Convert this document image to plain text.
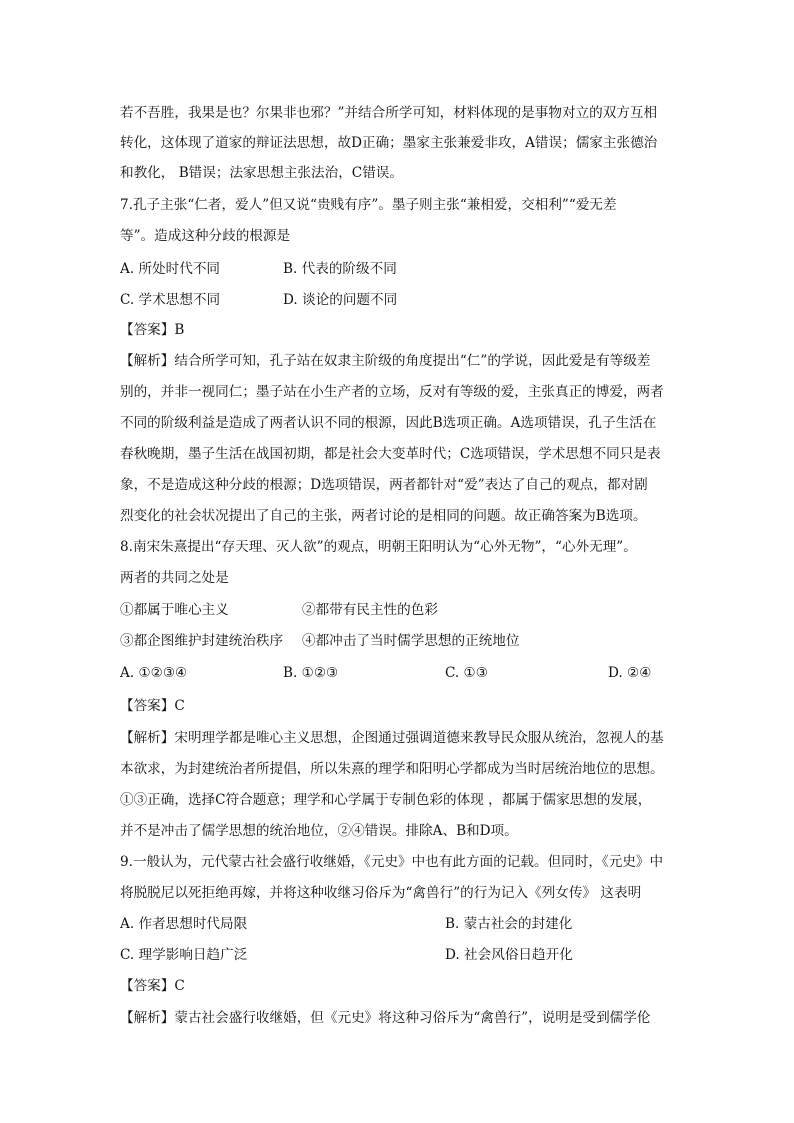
若不吾胜，我果是也？尔果非也邪？”并结合所学可知，材料体现的是事物对立的双方互相
转化，这体现了道家的辩证法思想，故D正确；墨家主张兼爱非攻，A错误；儒家主张德治
和教化， B错误；法家思想主张法治，C错误。
7.孔子主张“仁者，爱人”但又说“贵贱有序”。墨子则主张“兼相爱，交相利”“爱无差
等”。造成这种分歧的根源是
A. 所处时代不同	B. 代表的阶级不同
C. 学术思想不同	D. 谈论的问题不同
【答案】B
【解析】结合所学可知，孔子站在奴隶主阶级的角度提出“仁”的学说，因此爱是有等级差
别的，并非一视同仁；墨子站在小生产者的立场，反对有等级的爱，主张真正的博爱，两者
不同的阶级利益是造成了两者认识不同的根源，因此B选项正确。A选项错误，孔子生活在
春秋晚期，墨子生活在战国初期，都是社会大变革时代；C选项错误，学术思想不同只是表
象，不是造成这种分歧的根源；D选项错误，两者都针对“爱”表达了自己的观点，都对剧
烈变化的社会状况提出了自己的主张，两者讨论的是相同的问题。故正确答案为B选项。
8.南宋朱熹提出“存天理、灭人欲”的观点，明朝王阳明认为“心外无物”，“心外无理”。
两者的共同之处是
①都属于唯心主义	②都带有民主性的色彩
③都企图维护封建统治秩序 ④都冲击了当时儒学思想的正统地位
A. ①②③④	B. ①②③	C. ①③	D. ②④
【答案】C
【解析】宋明理学都是唯心主义思想，企图通过强调道德来教导民众服从统治，忽视人的基
本欲求，为封建统治者所提倡，所以朱熹的理学和阳明心学都成为当时居统治地位的思想。
①③正确，选择C符合题意；理学和心学属于专制色彩的体现 ，都属于儒家思想的发展，
并不是冲击了儒学思想的统治地位，②④错误。排除A、B和D项。
9.一般认为，元代蒙古社会盛行收继婚，《元史》中也有此方面的记载。但同时，《元史》中
将脱脱尼以死拒绝再嫁，并将这种收继习俗斥为“禽兽行”的行为记入《列女传》 这表明
A. 作者思想时代局限	B. 蒙古社会的封建化
C. 理学影响日趋广泛	D. 社会风俗日趋开化
【答案】C
【解析】蒙古社会盛行收继婚，但《元史》将这种习俗斥为“禽兽行”，说明是受到儒学伦
